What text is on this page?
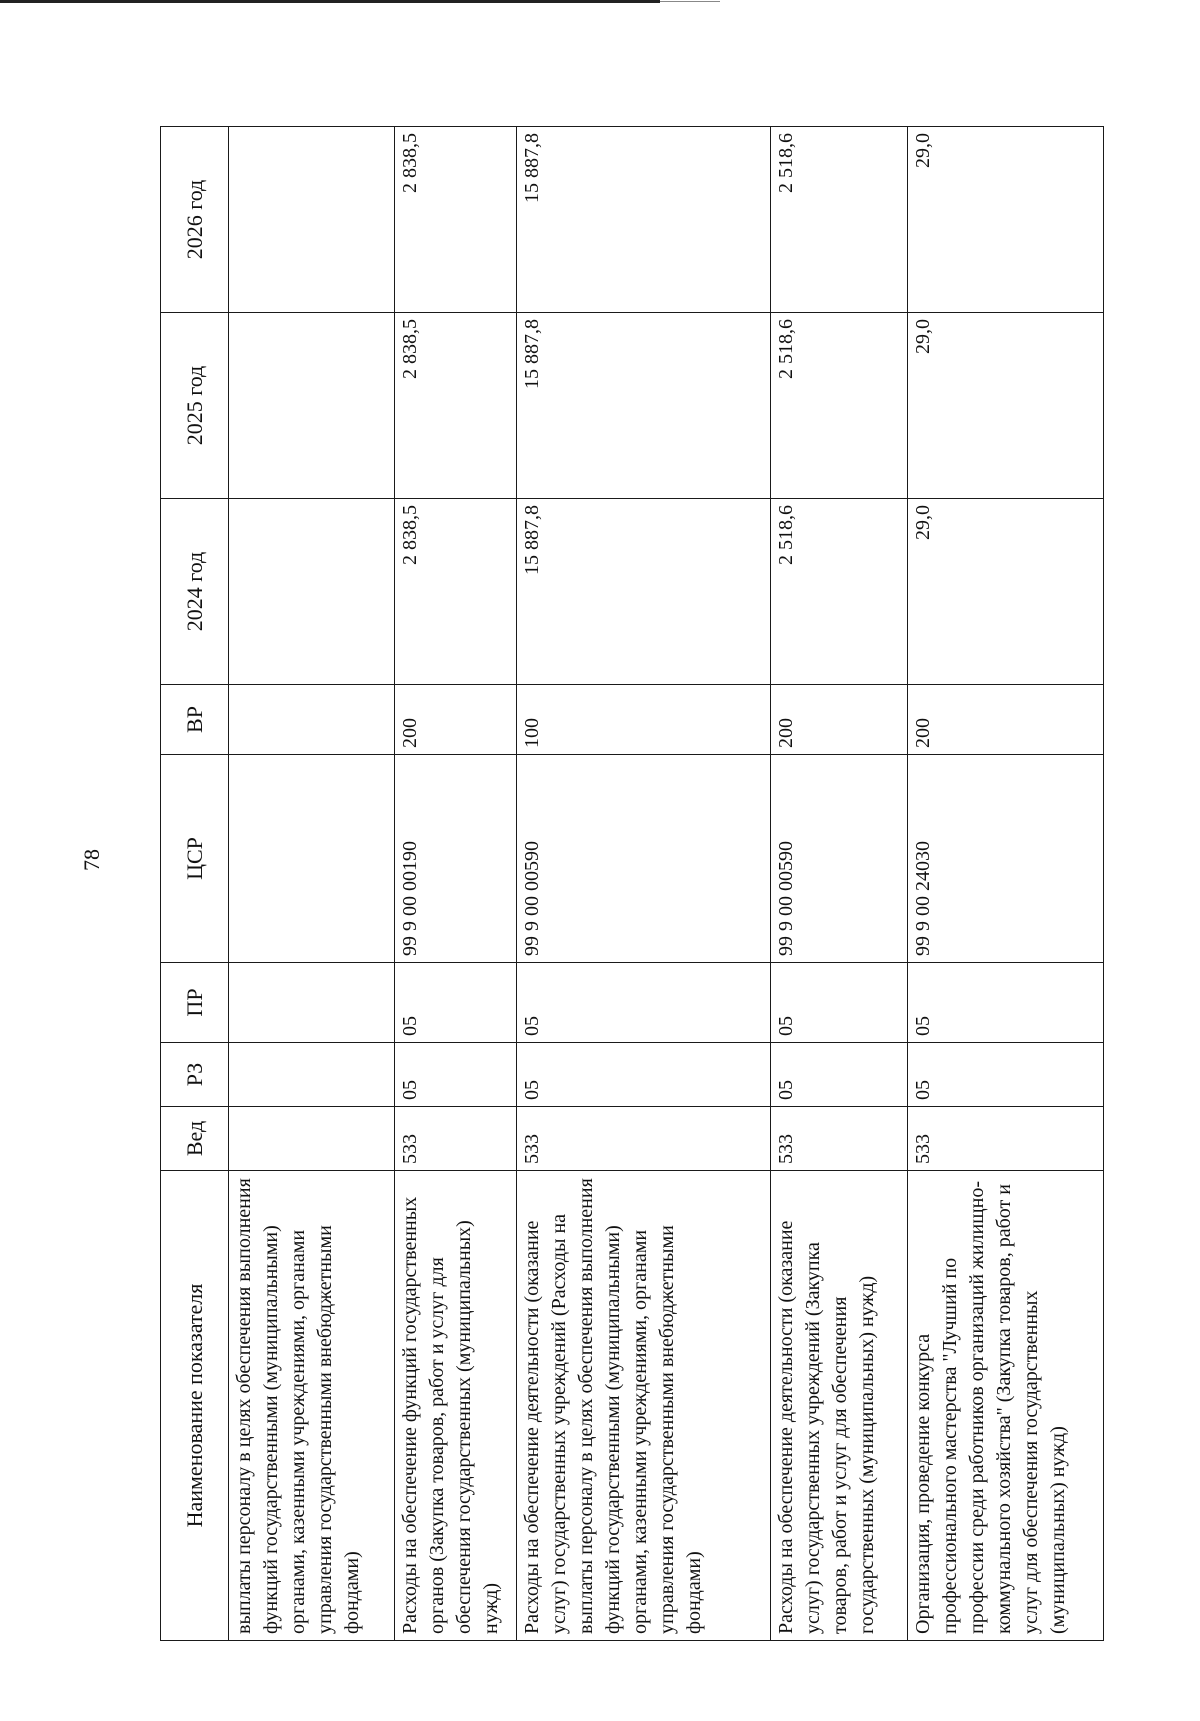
78
Наименование показателя	Вед	РЗ	ПР	ЦСР	ВР	2024 год	2025 год	2026 год
выплаты персоналу в целях обеспечения выполнения функций государственными (муниципальными) органами, казенными учреждениями, органами управления государственными внебюджетными фондами)								
Расходы на обеспечение функций государственных органов (Закупка товаров, работ и услуг для обеспечения государственных (муниципальных) нужд)	533	05	05	99 9 00 00190	200	2 838,5	2 838,5	2 838,5
Расходы на обеспечение деятельности (оказание услуг) государственных учреждений (Расходы на выплаты персоналу в целях обеспечения выполнения функций государственными (муниципальными) органами, казенными учреждениями, органами управления государственными внебюджетными фондами)	533	05	05	99 9 00 00590	100	15 887,8	15 887,8	15 887,8
Расходы на обеспечение деятельности (оказание услуг) государственных учреждений (Закупка товаров, работ и услуг для обеспечения государственных (муниципальных) нужд)	533	05	05	99 9 00 00590	200	2 518,6	2 518,6	2 518,6
Организация, проведение конкурса профессионального мастерства "Лучший по профессии среди работников организаций жилищно-коммунального хозяйства" (Закупка товаров, работ и услуг для обеспечения государственных (муниципальных) нужд)	533	05	05	99 9 00 24030	200	29,0	29,0	29,0
